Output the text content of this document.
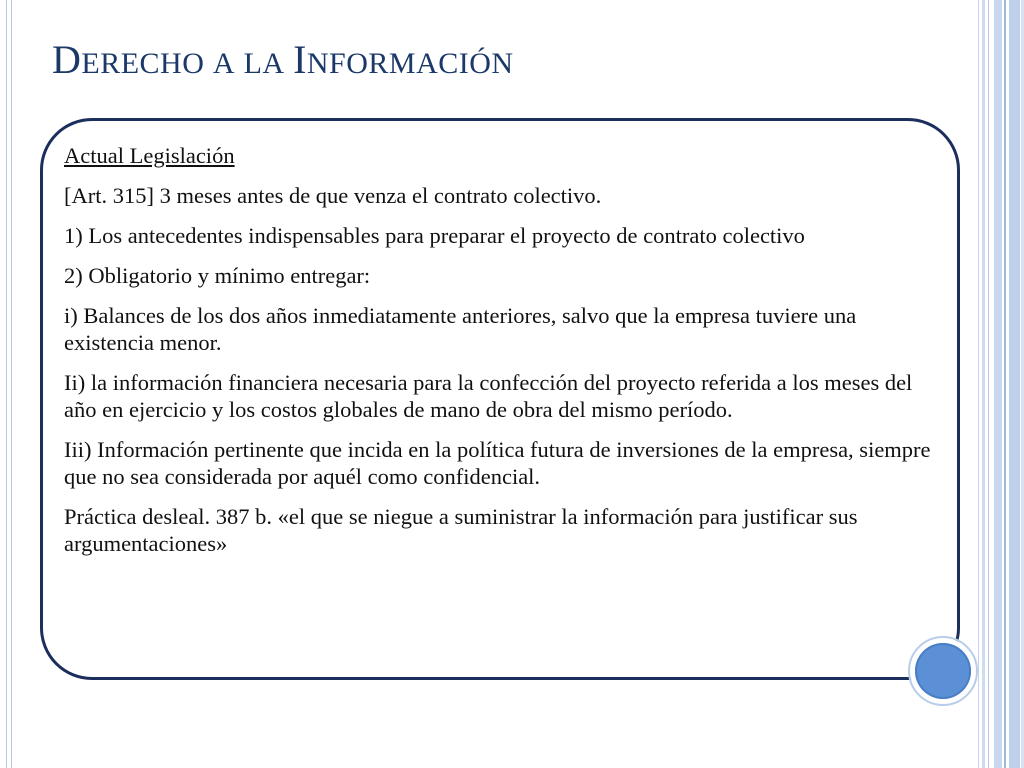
DERECHO A LA INFORMACIÓN

Actual Legislación

[Art. 315] 3 meses antes de que venza el contrato colectivo.

1) Los antecedentes indispensables para preparar el proyecto de contrato colectivo

2) Obligatorio y mínimo entregar:

i) Balances de los dos años inmediatamente anteriores, salvo que la empresa tuviere una existencia menor.

Ii) la información financiera necesaria para la confección del proyecto referida a los meses del año en ejercicio y los costos globales de mano de obra del mismo período.

Iii) Información pertinente que incida en la política futura de inversiones de la empresa, siempre que no sea considerada por aquél como confidencial.

Práctica desleal. 387 b. «el que se niegue a suministrar la información para justificar sus argumentaciones»
